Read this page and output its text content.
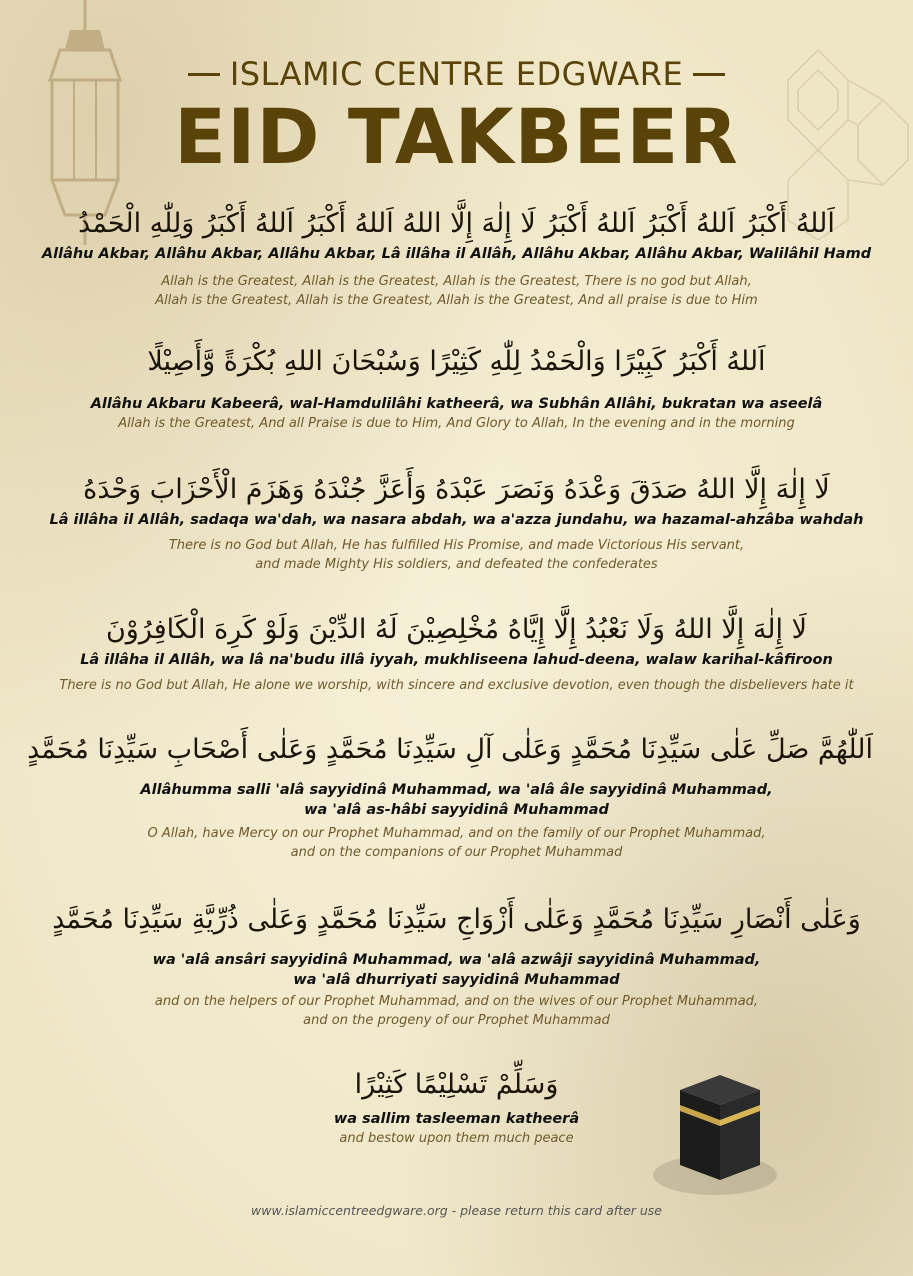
ISLAMIC CENTRE EDGWARE
EID TAKBEER
اَللهُ أَكْبَرُ اَللهُ أَكْبَرُ اَللهُ أَكْبَرُ لَا إِلٰهَ إِلَّا اللهُ اَللهُ أَكْبَرُ اَللهُ أَكْبَرُ وَلِلّٰهِ الْحَمْدُ
Allâhu Akbar, Allâhu Akbar, Allâhu Akbar, Lâ illâha il Allâh, Allâhu Akbar, Allâhu Akbar, Walilâhil Hamd
Allah is the Greatest, Allah is the Greatest, Allah is the Greatest, There is no god but Allah,
Allah is the Greatest, Allah is the Greatest, Allah is the Greatest, And all praise is due to Him
اَللهُ أَكْبَرُ كَبِيْرًا وَالْحَمْدُ لِلّٰهِ كَثِيْرًا وَسُبْحَانَ اللهِ بُكْرَةً وَّأَصِيْلًا
Allâhu Akbaru Kabeerâ, wal-Hamdulilâhi katheerâ, wa Subhân Allâhi, bukratan wa aseelâ
Allah is the Greatest, And all Praise is due to Him, And Glory to Allah, In the evening and in the morning
لَا إِلٰهَ إِلَّا اللهُ صَدَقَ وَعْدَهُ وَنَصَرَ عَبْدَهُ وَأَعَزَّ جُنْدَهُ وَهَزَمَ الْأَحْزَابَ وَحْدَهُ
Lâ illâha il Allâh, sadaqa wa'dah, wa nasara abdah, wa a'azza jundahu, wa hazamal-ahzâba wahdah
There is no God but Allah, He has fulfilled His Promise, and made Victorious His servant,
and made Mighty His soldiers, and defeated the confederates
لَا إِلٰهَ إِلَّا اللهُ وَلَا نَعْبُدُ إِلَّا إِيَّاهُ مُخْلِصِيْنَ لَهُ الدِّيْنَ وَلَوْ كَرِهَ الْكَافِرُوْنَ
Lâ illâha il Allâh, wa lâ na'budu illâ iyyah, mukhliseena lahud-deena, walaw karihal-kâfiroon
There is no God but Allah, He alone we worship, with sincere and exclusive devotion, even though the disbelievers hate it
اَللّٰهُمَّ صَلِّ عَلٰى سَيِّدِنَا مُحَمَّدٍ وَعَلٰى آلِ سَيِّدِنَا مُحَمَّدٍ وَعَلٰى أَصْحَابِ سَيِّدِنَا مُحَمَّدٍ
Allâhumma salli 'alâ sayyidinâ Muhammad, wa 'alâ âle sayyidinâ Muhammad,
wa 'alâ as-hâbi sayyidinâ Muhammad
O Allah, have Mercy on our Prophet Muhammad, and on the family of our Prophet Muhammad,
and on the companions of our Prophet Muhammad
وَعَلٰى أَنْصَارِ سَيِّدِنَا مُحَمَّدٍ وَعَلٰى أَزْوَاجِ سَيِّدِنَا مُحَمَّدٍ وَعَلٰى ذُرِّيَّةِ سَيِّدِنَا مُحَمَّدٍ
wa 'alâ ansâri sayyidinâ Muhammad, wa 'alâ azwâji sayyidinâ Muhammad,
wa 'alâ dhurriyati sayyidinâ Muhammad
and on the helpers of our Prophet Muhammad, and on the wives of our Prophet Muhammad,
and on the progeny of our Prophet Muhammad
وَسَلِّمْ تَسْلِيْمًا كَثِيْرًا
wa sallim tasleeman katheerâ
and bestow upon them much peace
www.islamiccentreedgware.org - please return this card after use
